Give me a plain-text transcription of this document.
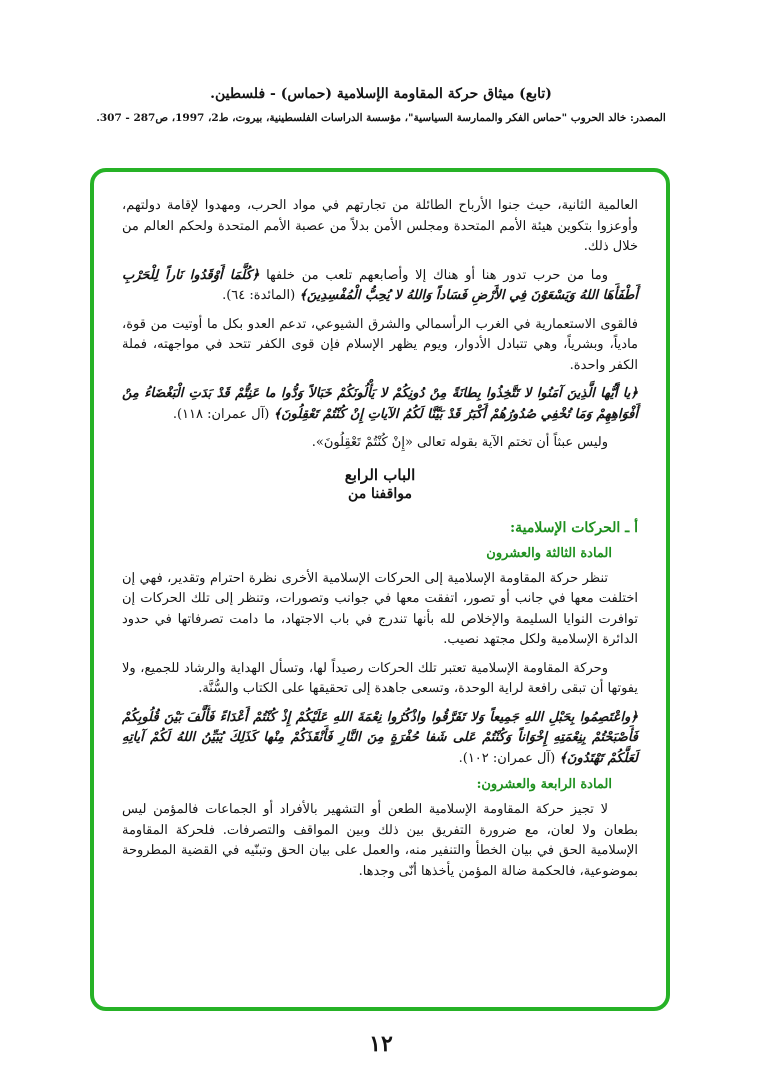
(تابع) ميثاق حركة المقاومة الإسلامية (حماس) - فلسطين.
المصدر: خالد الحروب "حماس الفكر والممارسة السياسية"، مؤسسة الدراسات الفلسطينية، بيروت، ط2، 1997، ص287 - 307.

العالمية الثانية، حيث جنوا الأرباح الطائلة من تجارتهم في مواد الحرب، ومهدوا لإقامة دولتهم، وأوعزوا بتكوين هيئة الأمم المتحدة ومجلس الأمن بدلاً من عصبة الأمم المتحدة ولحكم العالم من خلال ذلك.

وما من حرب تدور هنا أو هناك إلا وأصابعهم تلعب من خلفها ﴿كُلَّمَا أَوْقَدُوا نَاراً لِلْحَرْبِ أَطْفَأَهَا اللهُ وَيَسْعَوْنَ فِي الأَرْضِ فَسَاداً وَاللهُ لا يُحِبُّ الْمُفْسِدِينَ﴾ (المائدة: ٦٤).

فالقوى الاستعمارية في الغرب الرأسمالي والشرق الشيوعي، تدعم العدو بكل ما أوتيت من قوة، مادياً، وبشرياً، وهي تتبادل الأدوار، ويوم يظهر الإسلام فإن قوى الكفر تتحد في مواجهته، فملة الكفر واحدة.

﴿يا أَيُّها الَّذِينَ آمَنُوا لا تَتَّخِذُوا بِطانَةً مِنْ دُونِكُمْ لا يَأْلُونَكُمْ خَبَالاً وَدُّوا ما عَنِتُّمْ قَدْ بَدَتِ الْبَغْضَاءُ مِنْ أَفْوَاهِهِمْ وَمَا تُخْفِي صُدُورُهُمْ أَكْبَرُ قَدْ بَيَّنَّا لَكُمُ الآياتِ إِنْ كُنْتُمْ تَعْقِلُونَ﴾ (آل عمران: ١١٨).

وليس عبثاً أن تختم الآية بقوله تعالى «إِنْ كُنْتُمْ تَعْقِلُونَ».

الباب الرابع
مواقفنا من
أ ـ الحركات الإسلامية:
المادة الثالثة والعشرون

تنظر حركة المقاومة الإسلامية إلى الحركات الإسلامية الأخرى نظرة احترام وتقدير، فهي إن اختلفت معها في جانب أو تصور، اتفقت معها في جوانب وتصورات، وتنظر إلى تلك الحركات إن توافرت النوايا السليمة والإخلاص لله بأنها تندرج في باب الاجتهاد، ما دامت تصرفاتها في حدود الدائرة الإسلامية ولكل مجتهد نصيب.

وحركة المقاومة الإسلامية تعتبر تلك الحركات رصيداً لها، وتسأل الهداية والرشاد للجميع، ولا يفوتها أن تبقى رافعة لراية الوحدة، وتسعى جاهدة إلى تحقيقها على الكتاب والسُّنَّة.

﴿واعْتَصِمُوا بِحَبْلِ اللهِ جَمِيعاً وَلا تَفَرَّقُوا واذْكُرُوا نِعْمَةَ اللهِ عَلَيْكُمْ إِذْ كُنْتُمْ أَعْدَاءً فَأَلَّفَ بَيْنَ قُلُوبِكُمْ فَأَصْبَحْتُمْ بِنِعْمَتِهِ إِخْوَاناً وَكُنْتُمْ عَلى شَفا حُفْرَةٍ مِنَ النَّارِ فَأَنْقَذَكُمْ مِنْها كَذَلِكَ يُبَيِّنُ اللهُ لَكُمْ آياتِهِ لَعَلَّكُمْ تَهْتَدُونَ﴾ (آل عمران: ١٠٢).

المادة الرابعة والعشرون:

لا تجيز حركة المقاومة الإسلامية الطعن أو التشهير بالأفراد أو الجماعات فالمؤمن ليس بطعان ولا لعان، مع ضرورة التفريق بين ذلك وبين المواقف والتصرفات. فلحركة المقاومة الإسلامية الحق في بيان الخطأ والتنفير منه، والعمل على بيان الحق وتبنّيه في القضية المطروحة بموضوعية، فالحكمة ضالة المؤمن يأخذها أنّى وجدها.

١٢
